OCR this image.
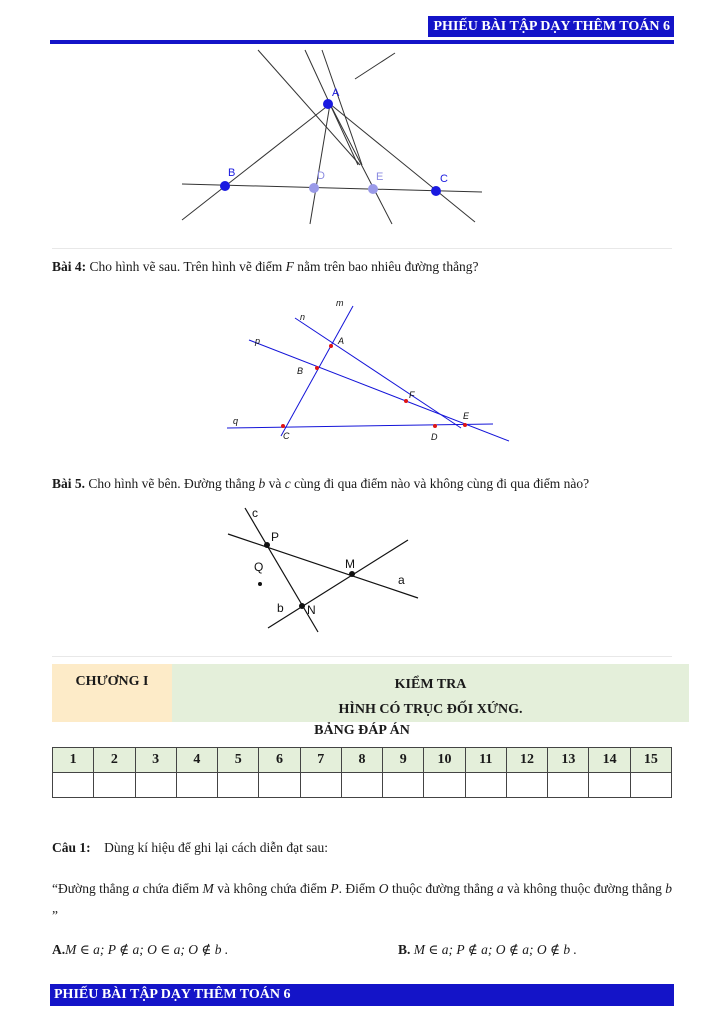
PHIẾU BÀI TẬP DẠY THÊM TOÁN 6
A
B	D	E	C
Bài 4: Cho hình vẽ sau. Trên hình vẽ điểm F nằm trên bao nhiêu đường thẳng?
m
n
p
q
A
B
F
E
C	D
Bài 5. Cho hình vẽ bên. Đường thẳng b và c cùng đi qua điểm nào và không cùng đi qua điểm nào?
c
P
Q	M
a
b N
CHƯƠNG I	KIỂM TRA
HÌNH CÓ TRỤC ĐỐI XỨNG.
BẢNG ĐÁP ÁN
1	2	3	4	5	6	7	8	9	10	11	12	13	14	15

Câu 1: Dùng kí hiệu để ghi lại cách diễn đạt sau:
“Đường thẳng a chứa điểm M và không chứa điểm P. Điểm O thuộc đường thẳng a và không thuộc đường thẳng b ”
A.M ∈ a; P ∉ a; O ∈ a; O ∉ b .	B. M ∈ a; P ∉ a; O ∉ a; O ∉ b .
PHIẾU BÀI TẬP DẠY THÊM TOÁN 6
